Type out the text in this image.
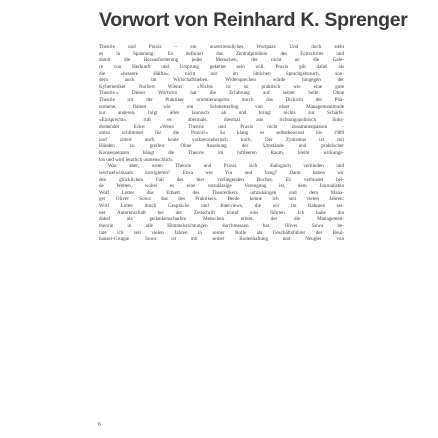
Vorwort von Reinhard K. Sprenger
Theorie und Praxis – ein unzertrennliches Wortpaar. Und doch steht
es in Spannung: Es definiert das Zentralproblem des Fortschritts und
damit die Herausforderung jedes Menschen, der nicht an die Gale-
re von Herkunft und Ursprung gekettet sein will. Praxis gilt dabei als
die »bessere Hälfte«, nicht nur im üblichen Sprachgebrauch, son-
dern auch im Wirtschaftsleben. Widersprechen würde hingegen der
Kybernetiker Norbert Wiener: »Nichts ist so praktisch wie eine gute
Theorie.« Dieser Wortwitz hat die Erfahrung auf seiner Seite: Ohne
Theorie irrt der Praktiker orientierungslos durch das Dickicht der Phä-
nomene, flattert wie ein Schmetterling von einer Managementmode
zur anderen, folgt alles launisch ab und bringt nichts zur Schärfe.
»Einsprecht«, ruft es abermals, diesmal aus richtungspolitisch links-
drehender Ecke: »Wenn Theorie und Praxis nicht zusammenpassen –
umso schlimmer für die Praxis!« So klang es selbstbewusst bis 1989
und zittert auch heute volkserzieherisch nach. Der Zynismus ist mit
Händen zu greifen: Ohne Ansehung der Umstände und praktischer
Konsequenzen hängt die Theorie im luftleeren Raum, bleibt wirkungs-
los und wird letztlich unmenschlich.
Was aber, wenn Theorie und Praxis sich dialogisch verbinden und
wechselwirksam korrigieren? Etwa wie Yin und Yang? Dann haben wir
den glücklichen Fall des hier vorliegenden Buches. Es verbindet bei-
de Welten, wobei es eine unzulässige Verengung ist, dem Journalisten
Wolf Lotter das Etikett des Theoretikers umzuhängen und dem Mana-
ger Oliver Sowa das des Praktikers. Beide kenne ich seit vielen Jahren:
Wolf Lotter durch Gespräche und Interviews, die wir im Rahmen sei-
ner Autorenschaft bei der Zeitschrift brand eins führten. Ich habe ihn
dabei als gedankenscharfen Menschen erlebt, der die Managemen-
theorie in alle Himmelsrichtungen durchmessen hat. Oliver Sowa be-
rate ich seit vielen Jahren in seiner Rolle als Geschäftsführer der Beul-
hauser-Gruppe. Sowa ist mit seiner Bodenhaftung und Neugier von
6
